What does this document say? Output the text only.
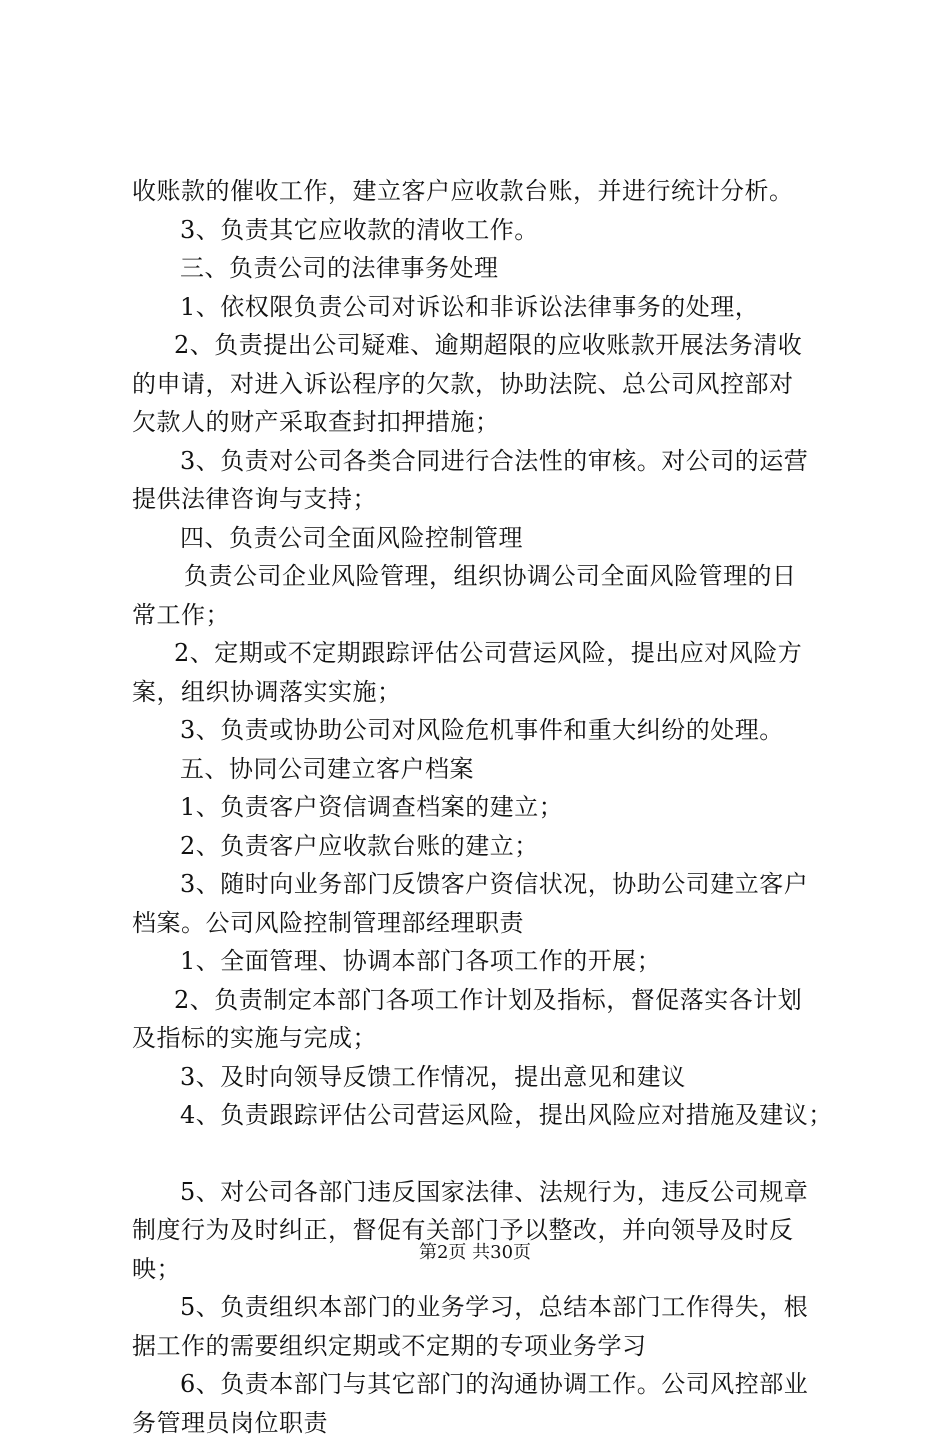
收账款的催收工作，建立客户应收款台账，并进行统计分析。
3、负责其它应收款的清收工作。
三、负责公司的法律事务处理
1、依权限负责公司对诉讼和非诉讼法律事务的处理，
2、负责提出公司疑难、逾期超限的应收账款开展法务清收
的申请，对进入诉讼程序的欠款，协助法院、总公司风控部对
欠款人的财产采取查封扣押措施；
3、负责对公司各类合同进行合法性的审核。对公司的运营
提供法律咨询与支持；
四、负责公司全面风险控制管理
负责公司企业风险管理，组织协调公司全面风险管理的日
常工作；
2、定期或不定期跟踪评估公司营运风险，提出应对风险方
案，组织协调落实实施；
3、负责或协助公司对风险危机事件和重大纠纷的处理。
五、协同公司建立客户档案
1、负责客户资信调查档案的建立；
2、负责客户应收款台账的建立；
3、随时向业务部门反馈客户资信状况，协助公司建立客户
档案。公司风险控制管理部经理职责
1、全面管理、协调本部门各项工作的开展；
2、负责制定本部门各项工作计划及指标，督促落实各计划
及指标的实施与完成；
3、及时向领导反馈工作情况，提出意见和建议
4、负责跟踪评估公司营运风险，提出风险应对措施及建议；
5、对公司各部门违反国家法律、法规行为，违反公司规章
制度行为及时纠正，督促有关部门予以整改，并向领导及时反
映；
5、负责组织本部门的业务学习，总结本部门工作得失，根
据工作的需要组织定期或不定期的专项业务学习
6、负责本部门与其它部门的沟通协调工作。公司风控部业
务管理员岗位职责
第2页 共30页
